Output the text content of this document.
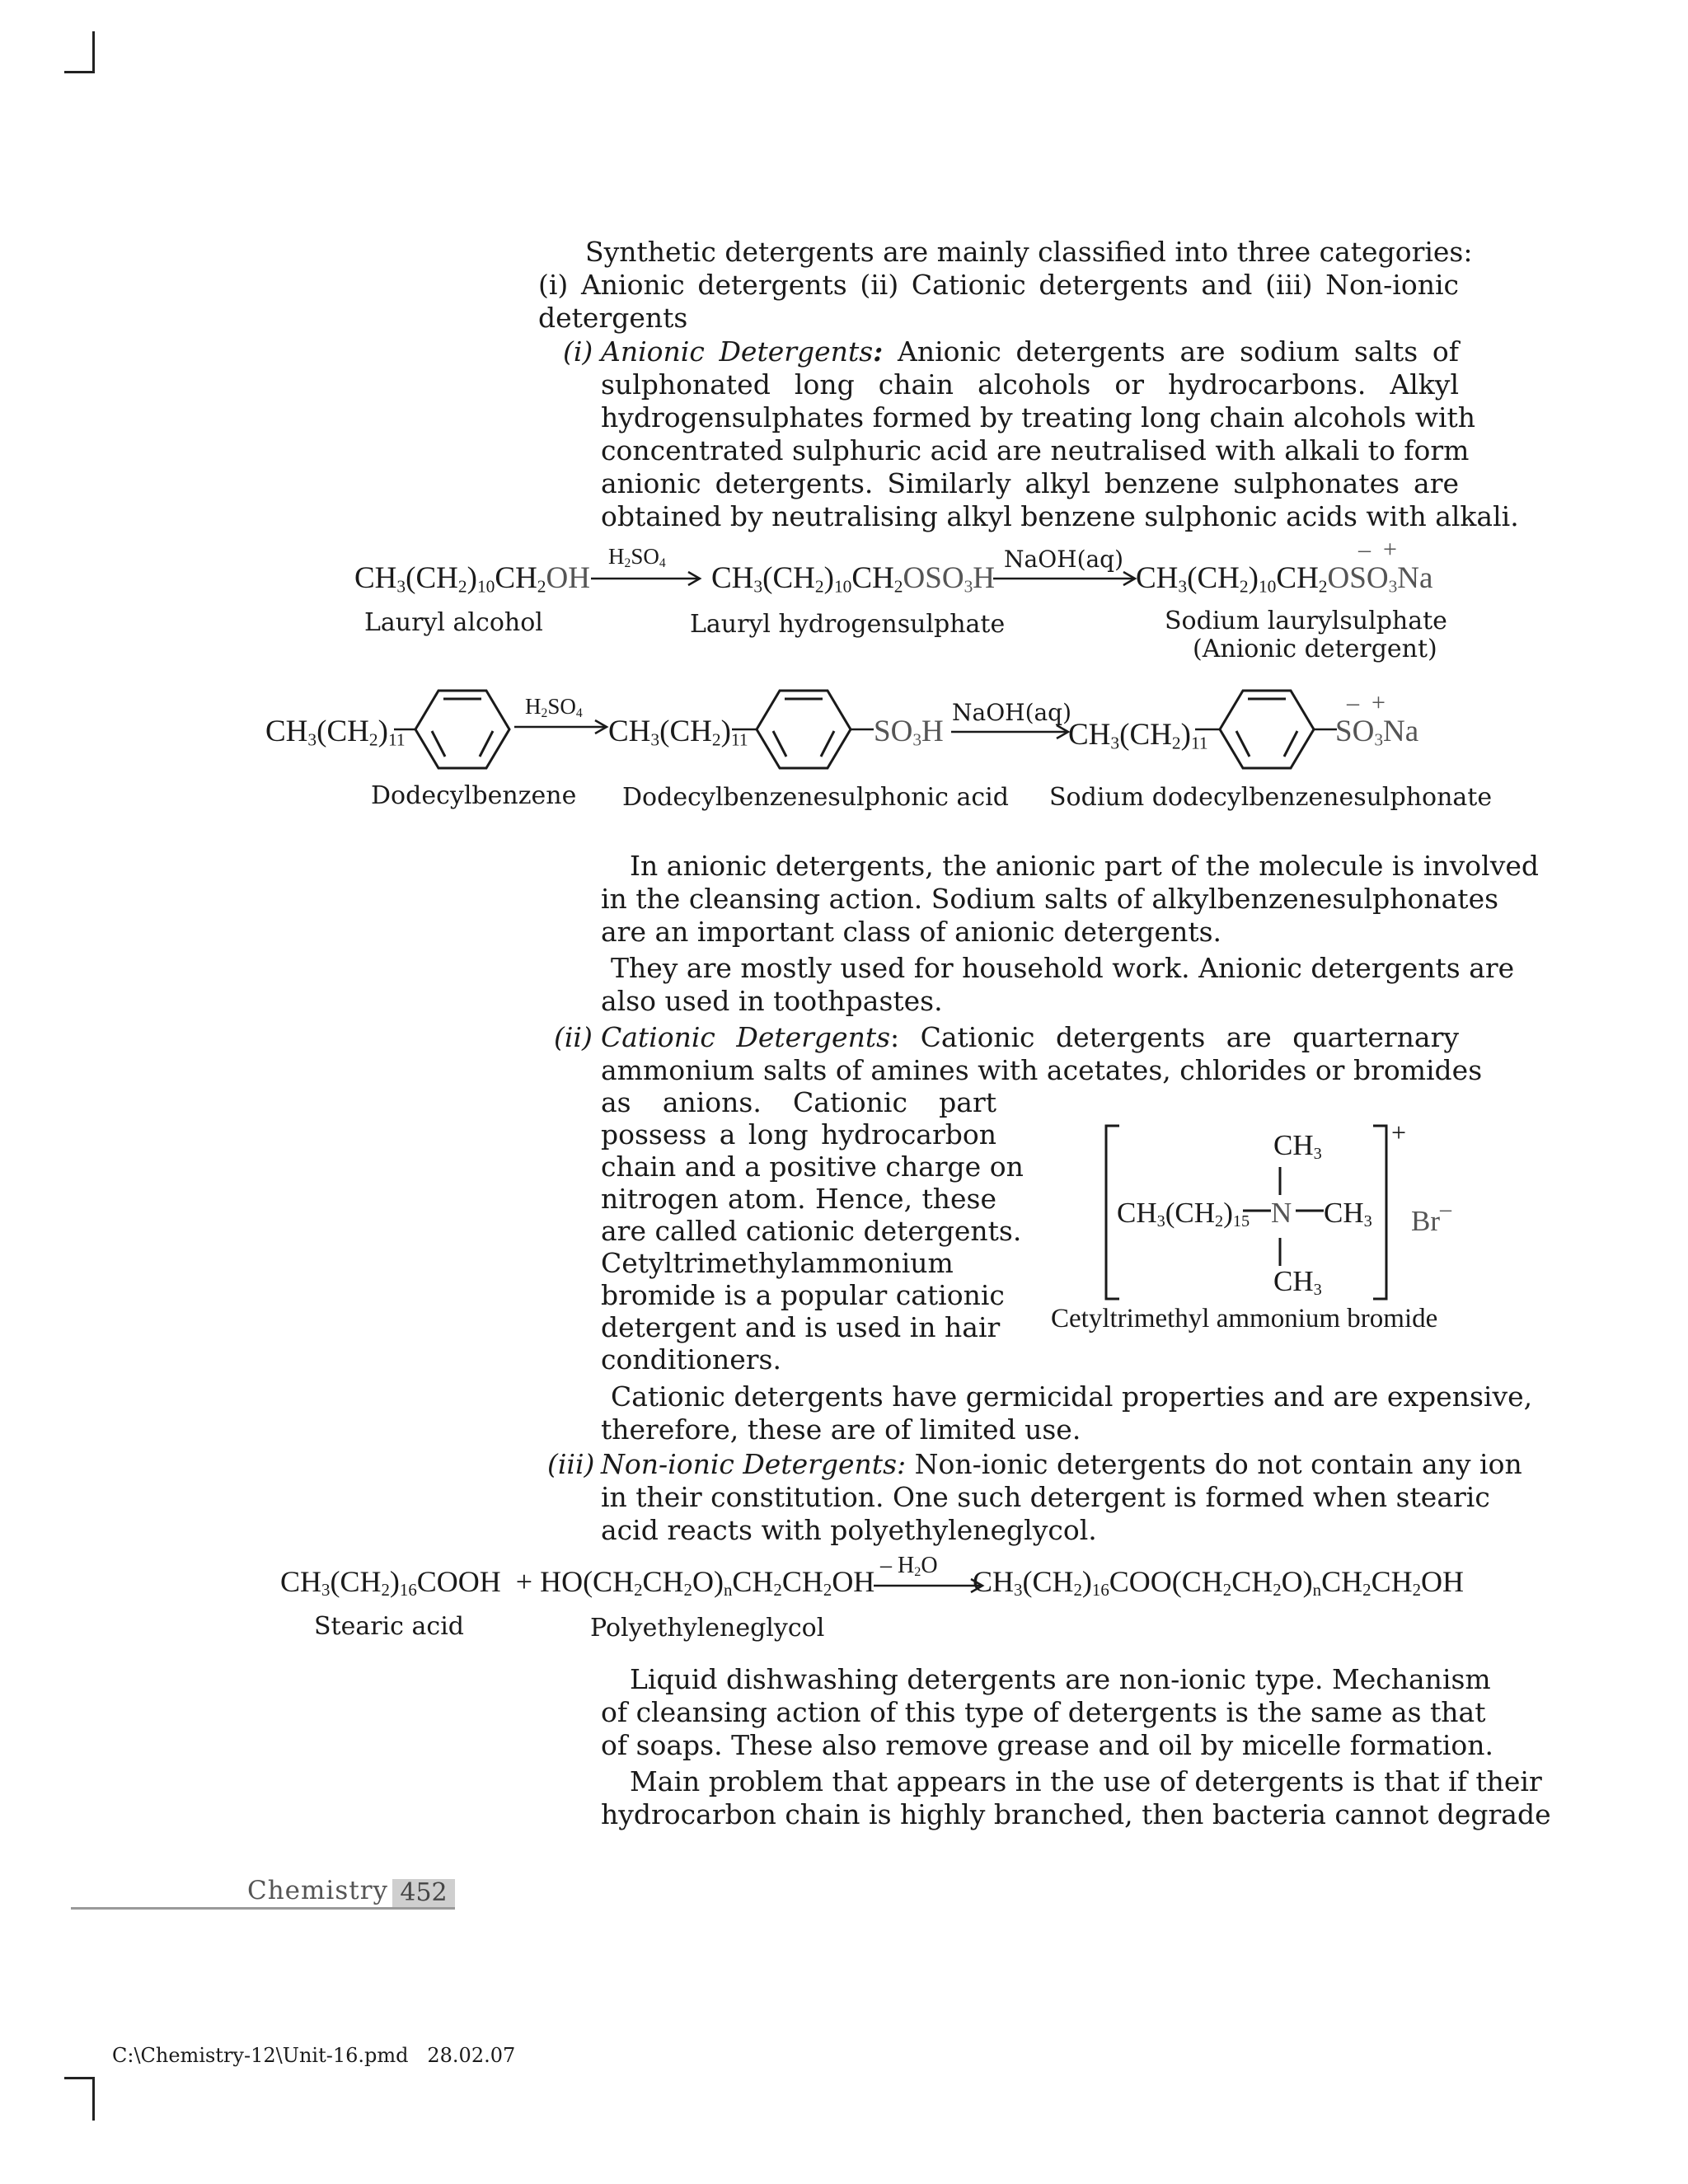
Synthetic detergents are mainly classified into three categories:
(i) Anionic detergents (ii) Cationic detergents and (iii) Non-ionic
detergents
(i) Anionic Detergents: Anionic detergents are sodium salts of
sulphonated long chain alcohols or hydrocarbons. Alkyl
hydrogensulphates formed by treating long chain alcohols with
concentrated sulphuric acid are neutralised with alkali to form
anionic detergents. Similarly alkyl benzene sulphonates are
obtained by neutralising alkyl benzene sulphonic acids with alkali.
$CH_3(CH_2)_{10}CH_2OH$
$H_2SO_4$ $CH_3(CH_2)_{10}CH_2OSO_3H$
NaOH(aq)
$CH_3(CH_2)_{10}CH_2OSO_3Na$
–  +
Lauryl alcohol	Lauryl hydrogensulphate	Sodium laurylsulphate
(Anionic detergent)
$CH_3(CH_2)_{11}$
$H_2SO_4$
$CH_3(CH_2)_{11}$	$SO_3H$
NaOH(aq)
$CH_3(CH_2)_{11}$	$SO_3Na$
–  +
Dodecylbenzene Dodecylbenzenesulphonic acid Sodium dodecylbenzenesulphonate
In anionic detergents, the anionic part of the molecule is involved
in the cleansing action. Sodium salts of alkylbenzenesulphonates
are an important class of anionic detergents.
They are mostly used for household work. Anionic detergents are
also used in toothpastes.
(ii) Cationic Detergents: Cationic detergents are quarternary
ammonium salts of amines with acetates, chlorides or bromides
as anions. Cationic part
possess a long hydrocarbon
chain and a positive charge on
nitrogen atom. Hence, these
are called cationic detergents.
Cetyltrimethylammonium
bromide is a popular cationic
detergent and is used in hair
conditioners.
+
$CH_3$
$CH_3(CH_2)_{15}$ N $CH_3$
$CH_3$
Br–
Cetyltrimethyl ammonium bromide
Cationic detergents have germicidal properties and are expensive,
therefore, these are of limited use.
(iii) Non-ionic Detergents: Non-ionic detergents do not contain any ion
in their constitution. One such detergent is formed when stearic
acid reacts with polyethyleneglycol.
$CH_3(CH_2)_{16}COOH + HO(CH_2CH_2O)_nCH_2CH_2OH - H_2O$ $CH_3(CH_2)_{16}COO(CH_2CH_2O)_nCH_2CH_2OH$
Stearic acid	Polyethyleneglycol
Liquid dishwashing detergents are non-ionic type. Mechanism
of cleansing action of this type of detergents is the same as that
of soaps. These also remove grease and oil by micelle formation.
Main problem that appears in the use of detergents is that if their
hydrocarbon chain is highly branched, then bacteria cannot degrade
Chemistry 452
C:\Chemistry-12\Unit-16.pmd 28.02.07
